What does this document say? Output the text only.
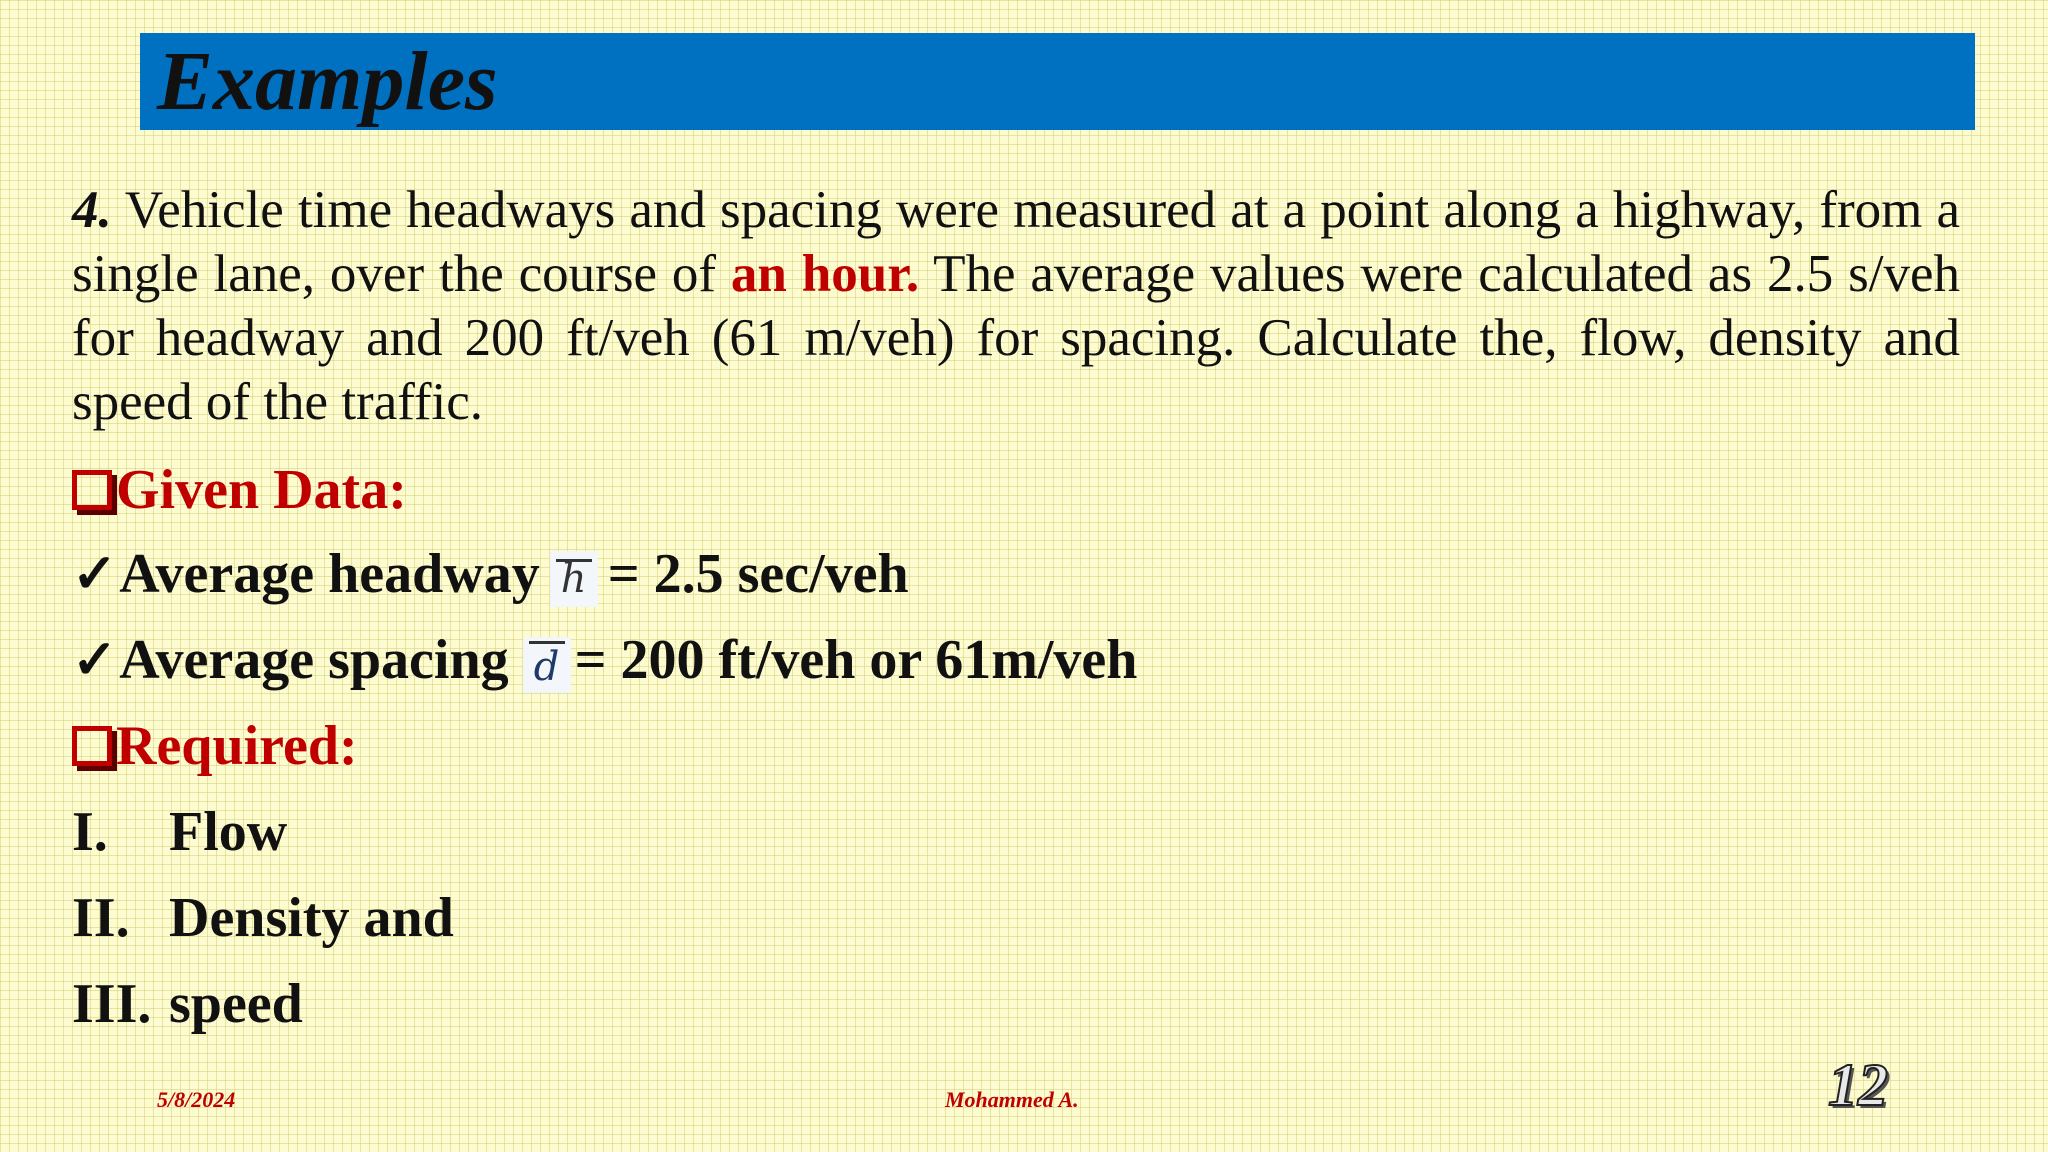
Examples
4. Vehicle time headways and spacing were measured at a point along a highway, from a single lane, over the course of an hour. The average values were calculated as 2.5 s/veh for headway and 200 ft/veh (61 m/veh) for spacing. Calculate the, flow, density and speed of the traffic.
Given Data:
✓Average headway h = 2.5 sec/veh
✓Average spacing d = 200 ft/veh or 61m/veh
Required:
I. Flow
II. Density and
III. speed
5/8/2024	Mohammed A.	12
